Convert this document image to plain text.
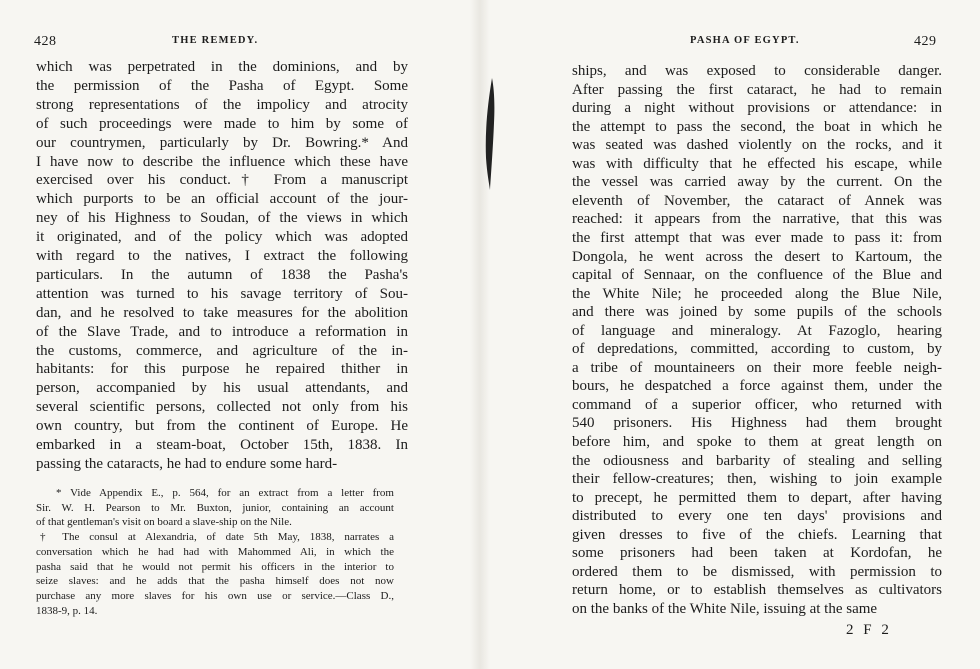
428	THE REMEDY.
which was perpetrated in the dominions, and by
the permission of the Pasha of Egypt. Some
strong representations of the impolicy and atrocity
of such proceedings were made to him by some of
our countrymen, particularly by Dr. Bowring.* And
I have now to describe the influence which these have
exercised over his conduct.† From a manuscript
which purports to be an official account of the jour-
ney of his Highness to Soudan, of the views in which
it originated, and of the policy which was adopted
with regard to the natives, I extract the following
particulars. In the autumn of 1838 the Pasha's
attention was turned to his savage territory of Sou-
dan, and he resolved to take measures for the abolition
of the Slave Trade, and to introduce a reformation in
the customs, commerce, and agriculture of the in-
habitants: for this purpose he repaired thither in
person, accompanied by his usual attendants, and
several scientific persons, collected not only from his
own country, but from the continent of Europe. He
embarked in a steam-boat, October 15th, 1838. In
passing the cataracts, he had to endure some hard-
* Vide Appendix E., p. 564, for an extract from a letter from
Sir. W. H. Pearson to Mr. Buxton, junior, containing an account
of that gentleman's visit on board a slave-ship on the Nile.
† The consul at Alexandria, of date 5th May, 1838, narrates a
conversation which he had had with Mahommed Ali, in which the
pasha said that he would not permit his officers in the interior to
seize slaves: and he adds that the pasha himself does not now
purchase any more slaves for his own use or service.—Class D.,
1838-9, p. 14.
PASHA OF EGYPT.	429
ships, and was exposed to considerable danger.
After passing the first cataract, he had to remain
during a night without provisions or attendance: in
the attempt to pass the second, the boat in which he
was seated was dashed violently on the rocks, and it
was with difficulty that he effected his escape, while
the vessel was carried away by the current. On the
eleventh of November, the cataract of Annek was
reached: it appears from the narrative, that this was
the first attempt that was ever made to pass it: from
Dongola, he went across the desert to Kartoum, the
capital of Sennaar, on the confluence of the Blue and
the White Nile; he proceeded along the Blue Nile,
and there was joined by some pupils of the schools
of language and mineralogy. At Fazoglo, hearing
of depredations, committed, according to custom, by
a tribe of mountaineers on their more feeble neigh-
bours, he despatched a force against them, under the
command of a superior officer, who returned with
540 prisoners. His Highness had them brought
before him, and spoke to them at great length on
the odiousness and barbarity of stealing and selling
their fellow-creatures; then, wishing to join example
to precept, he permitted them to depart, after having
distributed to every one ten days' provisions and
given dresses to five of the chiefs. Learning that
some prisoners had been taken at Kordofan, he
ordered them to be dismissed, with permission to
return home, or to establish themselves as cultivators
on the banks of the White Nile, issuing at the same
2 F 2
